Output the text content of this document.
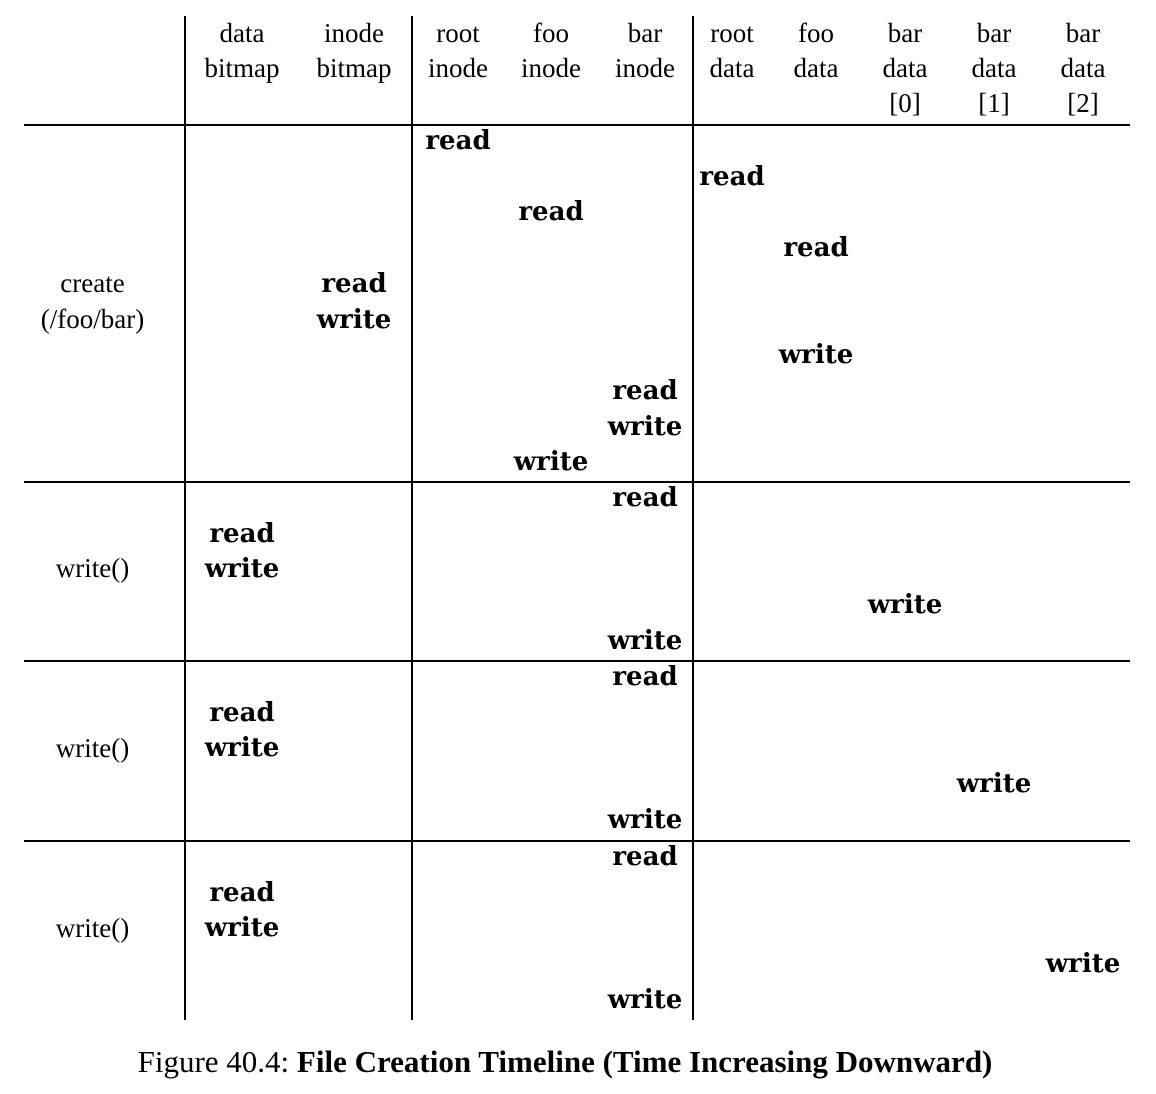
data
bitmap
inode
bitmap
root
inode
foo
inode
bar
inode
root
data
foo
data
bar
data
[0]
bar
data
[1]
bar
data
[2]
create
(/foo/bar)
read
read
read
read
read
write
write
read
write
write
write()
read
read
write
write
write
write()
read
read
write
write
write
write()
read
read
write
write
write
Figure 40.4: File Creation Timeline (Time Increasing Downward)
